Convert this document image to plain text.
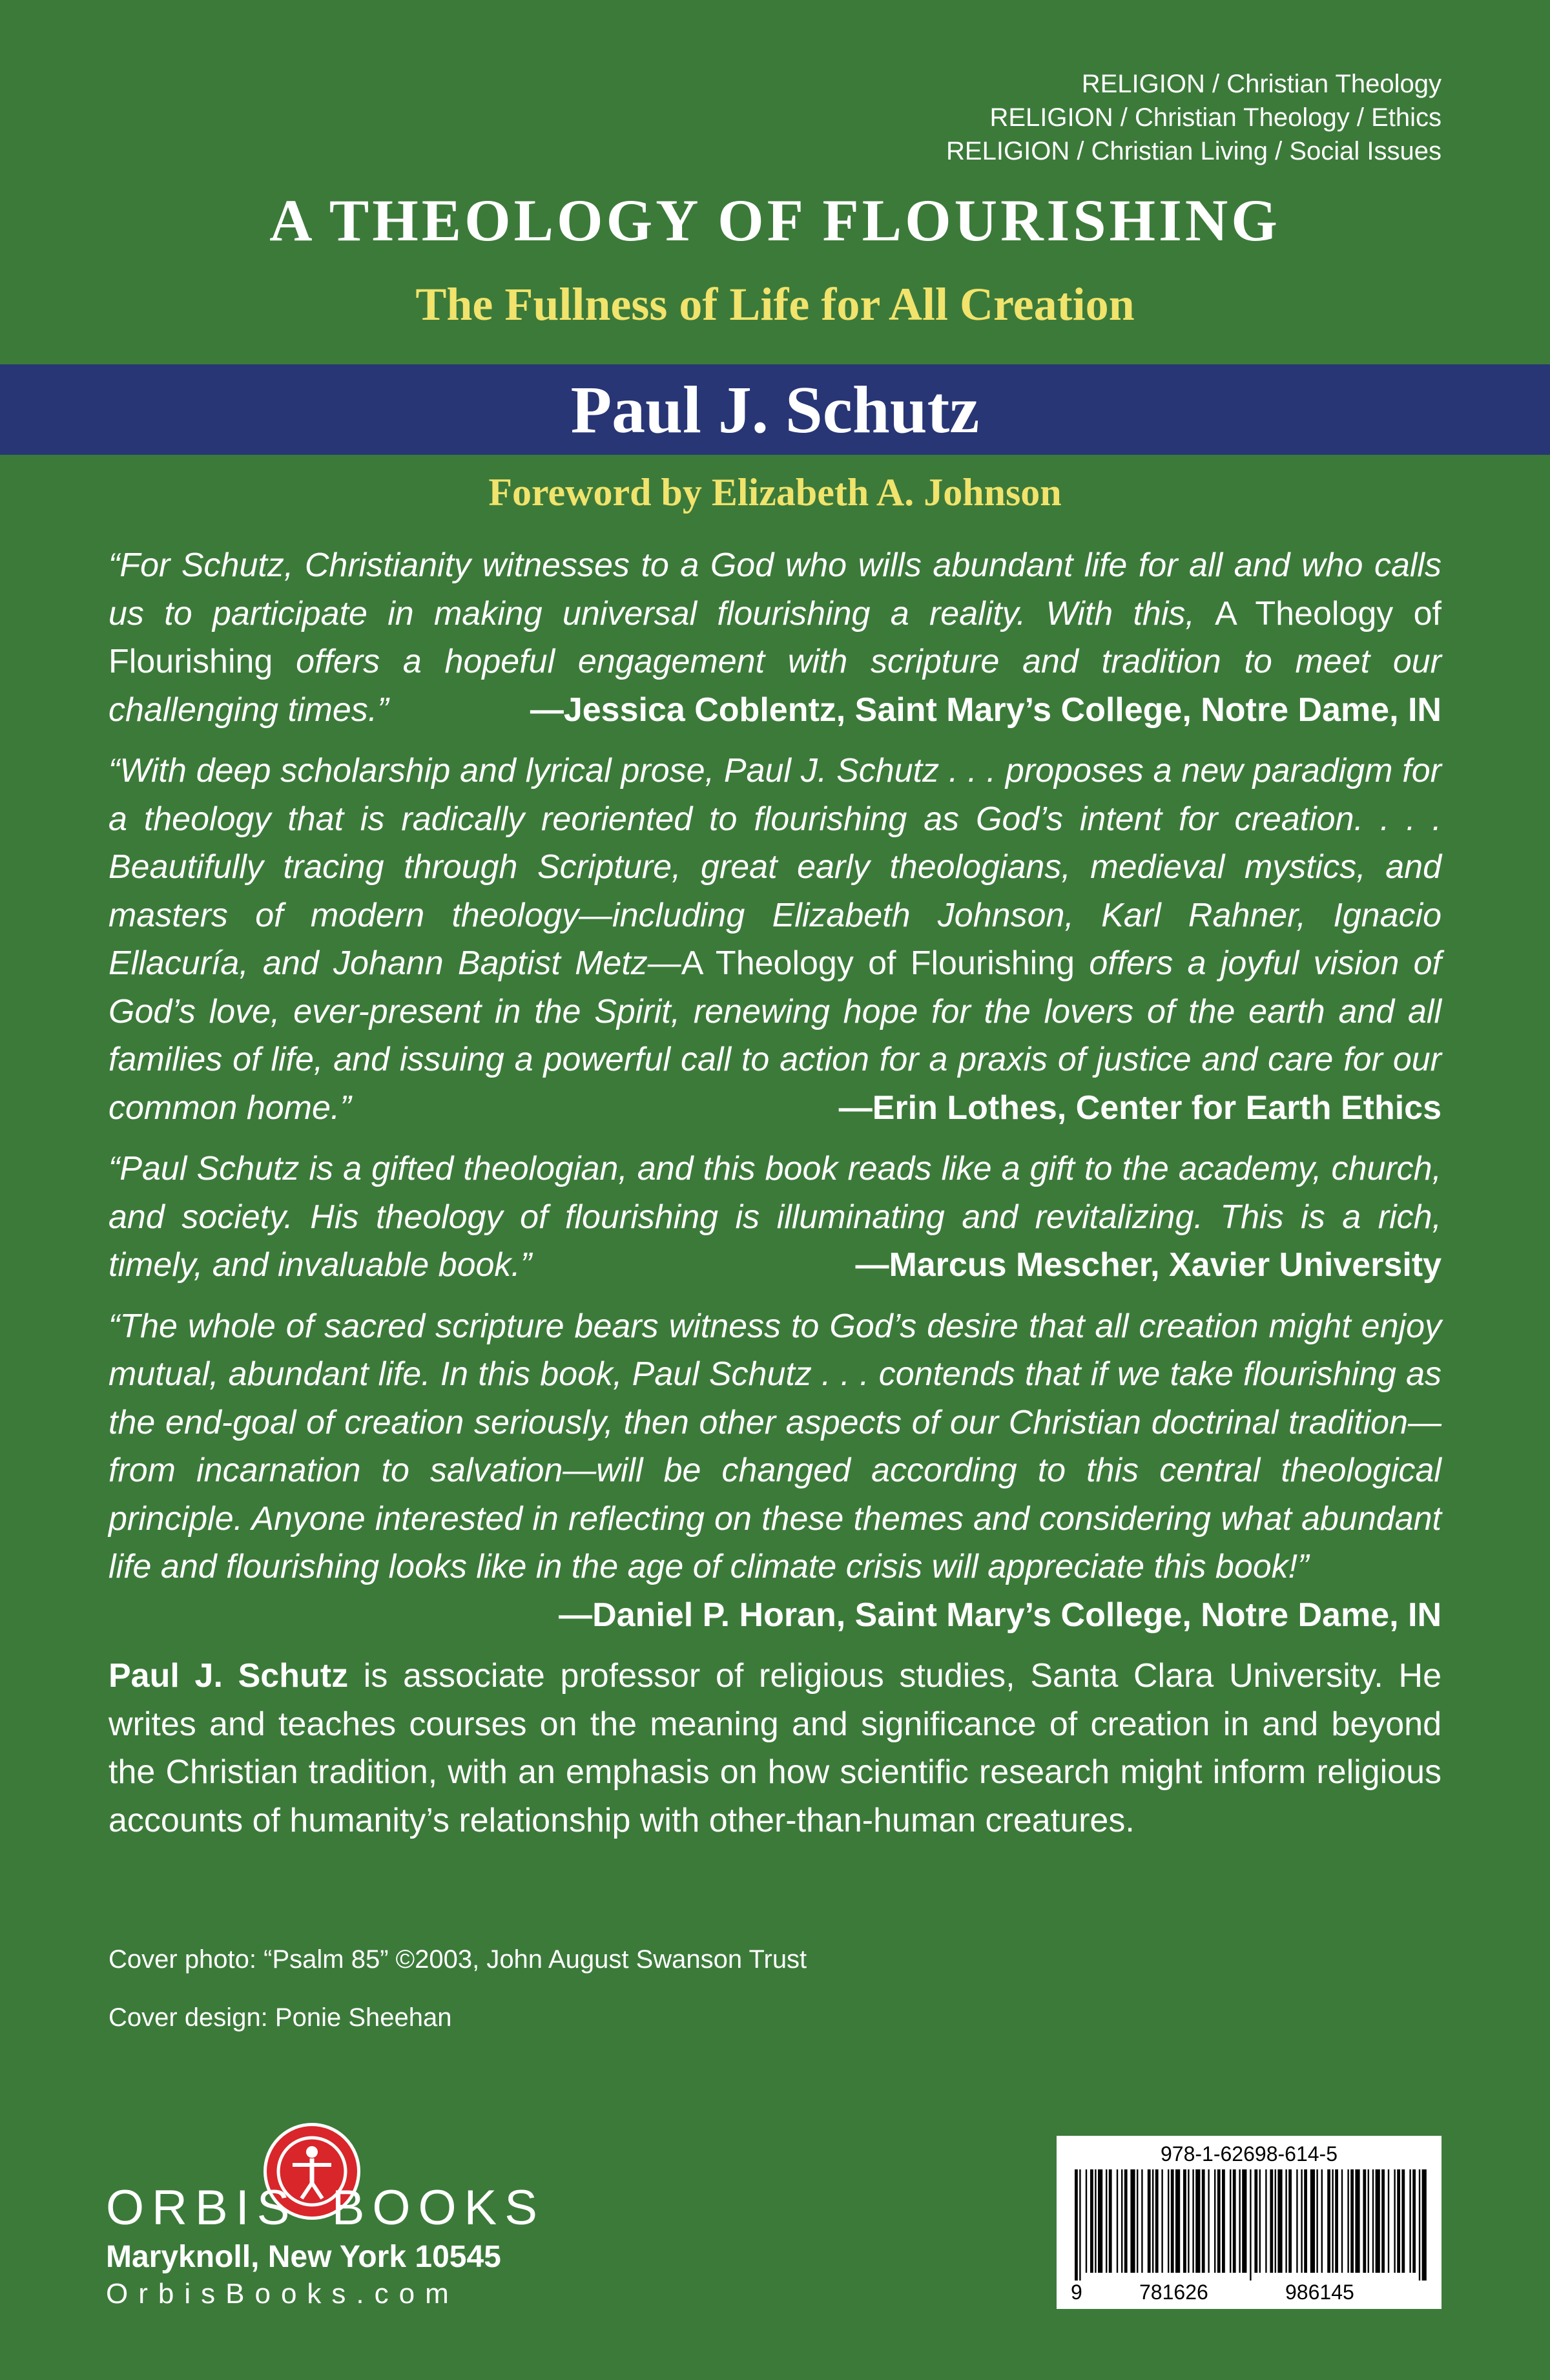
RELIGION / Christian Theology
RELIGION / Christian Theology / Ethics
RELIGION / Christian Living / Social Issues
A THEOLOGY OF FLOURISHING
The Fullness of Life for All Creation
Paul J. Schutz
Foreword by Elizabeth A. Johnson
“For Schutz, Christianity witnesses to a God who wills abundant life for all and who calls us to participate in making universal flourishing a reality. With this, A Theology of Flourishing offers a hopeful engagement with scripture and tradition to meet our challenging times.”	—Jessica Coblentz, Saint Mary’s College, Notre Dame, IN
“With deep scholarship and lyrical prose, Paul J. Schutz . . . proposes a new paradigm for a theology that is radically reoriented to flourishing as God’s intent for creation. . . . Beautifully tracing through Scripture, great early theologians, medieval mystics, and masters of modern theology—including Elizabeth Johnson, Karl Rahner, Ignacio Ellacuría, and Johann Baptist Metz—A Theology of Flourishing offers a joyful vision of God’s love, ever-present in the Spirit, renewing hope for the lovers of the earth and all families of life, and issuing a powerful call to action for a praxis of justice and care for our common home.”	—Erin Lothes, Center for Earth Ethics
“Paul Schutz is a gifted theologian, and this book reads like a gift to the academy, church, and society. His theology of flourishing is illuminating and revitalizing. This is a rich, timely, and invaluable book.”	—Marcus Mescher, Xavier University
“The whole of sacred scripture bears witness to God’s desire that all creation might enjoy mutual, abundant life. In this book, Paul Schutz . . . contends that if we take flourishing as the end-goal of creation seriously, then other aspects of our Christian doctrinal tradition—from incarnation to salvation—will be changed according to this central theological principle. Anyone interested in reflecting on these themes and considering what abundant life and flourishing looks like in the age of climate crisis will appreciate this book!”
—Daniel P. Horan, Saint Mary’s College, Notre Dame, IN
Paul J. Schutz is associate professor of religious studies, Santa Clara University. He writes and teaches courses on the meaning and significance of creation in and beyond the Christian tradition, with an emphasis on how scientific research might inform religious accounts of humanity’s relationship with other-than-human creatures.
Cover photo: “Psalm 85” ©2003, John August Swanson Trust
Cover design: Ponie Sheehan
ORBIS BOOKS
Maryknoll, New York 10545
OrbisBooks.com
978-1-62698-614-5
9	781626	986145
